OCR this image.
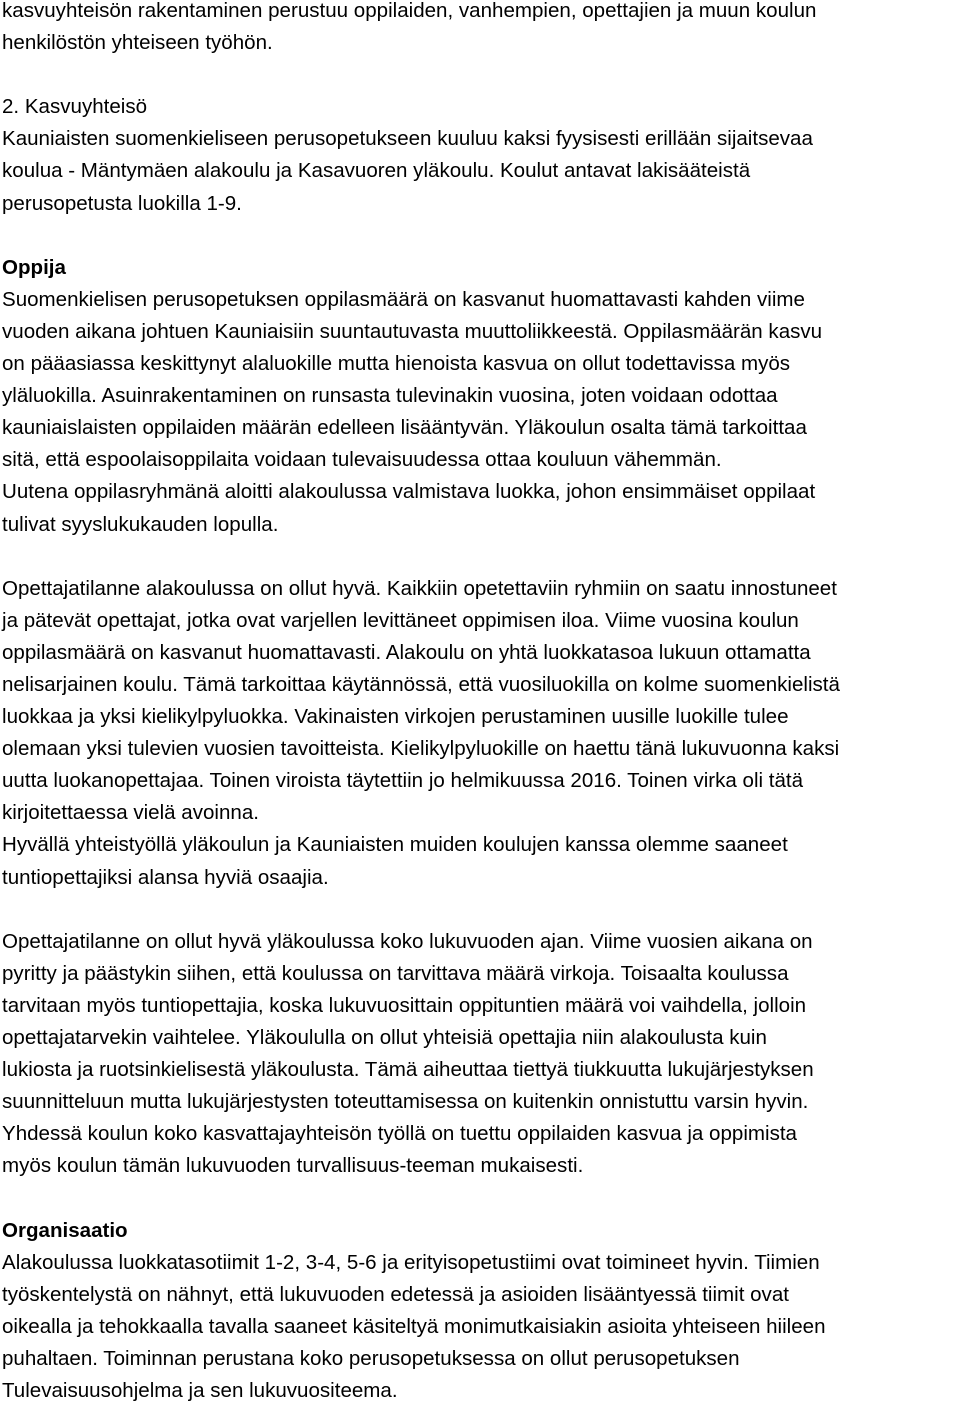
kasvuyhteisön rakentaminen perustuu oppilaiden, vanhempien, opettajien ja muun koulun
henkilöstön yhteiseen työhön.
2. Kasvuyhteisö
Kauniaisten suomenkieliseen perusopetukseen kuuluu kaksi fyysisesti erillään sijaitsevaa
koulua - Mäntymäen alakoulu ja Kasavuoren yläkoulu. Koulut antavat lakisääteistä
perusopetusta luokilla 1-9.
Oppija
Suomenkielisen perusopetuksen oppilasmäärä on kasvanut huomattavasti kahden viime
vuoden aikana johtuen Kauniaisiin suuntautuvasta muuttoliikkeestä. Oppilasmäärän kasvu
on pääasiassa keskittynyt alaluokille mutta hienoista kasvua on ollut todettavissa myös
yläluokilla. Asuinrakentaminen on runsasta tulevinakin vuosina, joten voidaan odottaa
kauniaislaisten oppilaiden määrän edelleen lisääntyvän. Yläkoulun osalta tämä tarkoittaa
sitä, että espoolaisoppilaita voidaan tulevaisuudessa ottaa kouluun vähemmän.
Uutena oppilasryhmänä aloitti alakoulussa valmistava luokka, johon ensimmäiset oppilaat
tulivat syyslukukauden lopulla.
Opettajatilanne alakoulussa on ollut hyvä. Kaikkiin opetettaviin ryhmiin on saatu innostuneet
ja pätevät opettajat, jotka ovat varjellen levittäneet oppimisen iloa. Viime vuosina koulun
oppilasmäärä on kasvanut huomattavasti. Alakoulu on yhtä luokkatasoa lukuun ottamatta
nelisarjainen koulu. Tämä tarkoittaa käytännössä, että vuosiluokilla on kolme suomenkielistä
luokkaa ja yksi kielikylpyluokka. Vakinaisten virkojen perustaminen uusille luokille tulee
olemaan yksi tulevien vuosien tavoitteista. Kielikylpyluokille on haettu tänä lukuvuonna kaksi
uutta luokanopettajaa. Toinen viroista täytettiin jo helmikuussa 2016. Toinen virka oli tätä
kirjoitettaessa vielä avoinna.
Hyvällä yhteistyöllä yläkoulun ja Kauniaisten muiden koulujen kanssa olemme saaneet
tuntiopettajiksi alansa hyviä osaajia.
Opettajatilanne on ollut hyvä yläkoulussa koko lukuvuoden ajan. Viime vuosien aikana on
pyritty ja päästykin siihen, että koulussa on tarvittava määrä virkoja. Toisaalta koulussa
tarvitaan myös tuntiopettajia, koska lukuvuosittain oppituntien määrä voi vaihdella, jolloin
opettajatarvekin vaihtelee. Yläkoululla on ollut yhteisiä opettajia niin alakoulusta kuin
lukiosta ja ruotsinkielisestä yläkoulusta. Tämä aiheuttaa tiettyä tiukkuutta lukujärjestyksen
suunnitteluun mutta lukujärjestysten toteuttamisessa on kuitenkin onnistuttu varsin hyvin.
Yhdessä koulun koko kasvattajayhteisön työllä on tuettu oppilaiden kasvua ja oppimista
myös koulun tämän lukuvuoden turvallisuus-teeman mukaisesti.
Organisaatio
Alakoulussa luokkatasotiimit 1-2, 3-4, 5-6 ja erityisopetustiimi ovat toimineet hyvin. Tiimien
työskentelystä on nähnyt, että lukuvuoden edetessä ja asioiden lisääntyessä tiimit ovat
oikealla ja tehokkaalla tavalla saaneet käsiteltyä monimutkaisiakin asioita yhteiseen hiileen
puhaltaen. Toiminnan perustana koko perusopetuksessa on ollut perusopetuksen
Tulevaisuusohjelma ja sen lukuvuositeema.
